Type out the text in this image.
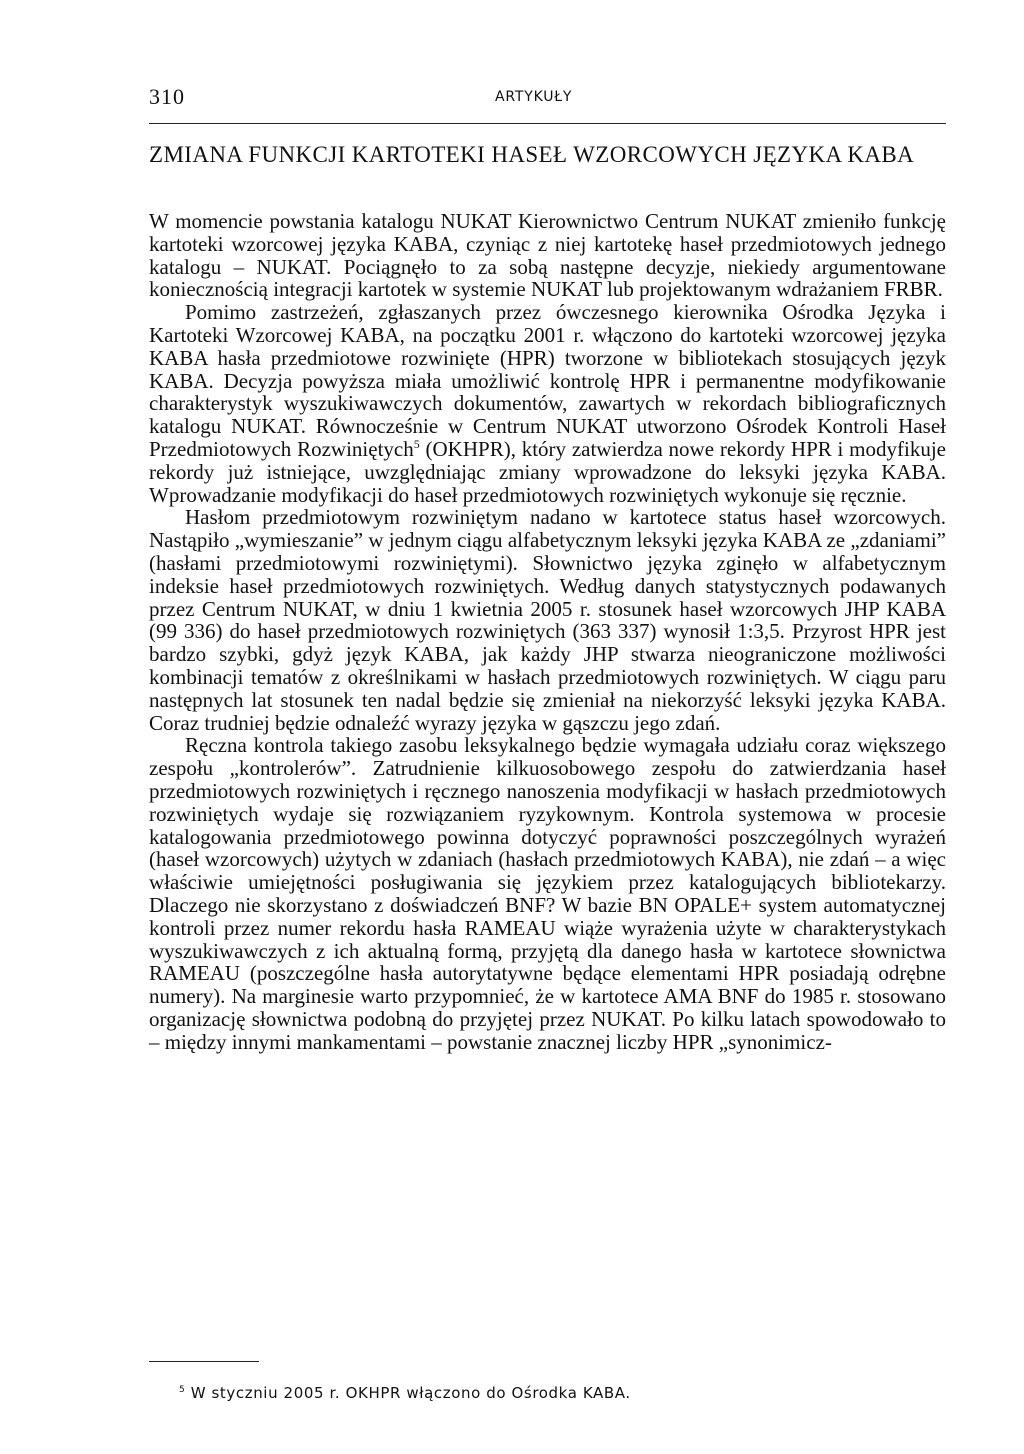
310	ARTYKUŁY
ZMIANA FUNKCJI KARTOTEKI HASEŁ WZORCOWYCH JĘZYKA KABA

W momencie powstania katalogu NUKAT Kierownictwo Centrum NUKAT zmieniło funkcję kartoteki wzorcowej języka KABA, czyniąc z niej kartotekę haseł przedmiotowych jednego katalogu – NUKAT. Pociągnęło to za sobą następne decyzje, niekiedy argumentowane koniecznością integracji kartotek w systemie NUKAT lub projektowanym wdrażaniem FRBR.

Pomimo zastrzeżeń, zgłaszanych przez ówczesnego kierownika Ośrodka Języka i Kartoteki Wzorcowej KABA, na początku 2001 r. włączono do kartoteki wzorcowej języka KABA hasła przedmiotowe rozwinięte (HPR) tworzone w bibliotekach stosujących język KABA. Decyzja powyższa miała umożliwić kontrolę HPR i permanentne modyfikowanie charakterystyk wyszukiwawczych dokumentów, zawartych w rekordach bibliograficznych katalogu NUKAT. Równocześnie w Centrum NUKAT utworzono Ośrodek Kontroli Haseł Przedmiotowych Rozwiniętych$^5$ (OKHPR), który zatwierdza nowe rekordy HPR i modyfikuje rekordy już istniejące, uwzględniając zmiany wprowadzone do leksyki języka KABA. Wprowadzanie modyfikacji do haseł przedmiotowych rozwiniętych wykonuje się ręcznie.

Hasłom przedmiotowym rozwiniętym nadano w kartotece status haseł wzorcowych. Nastąpiło „wymieszanie” w jednym ciągu alfabetycznym leksyki języka KABA ze „zdaniami” (hasłami przedmiotowymi rozwiniętymi). Słownictwo języka zginęło w alfabetycznym indeksie haseł przedmiotowych rozwiniętych. Według danych statystycznych podawanych przez Centrum NUKAT, w dniu 1 kwietnia 2005 r. stosunek haseł wzorcowych JHP KABA (99 336) do haseł przedmiotowych rozwiniętych (363 337) wynosił 1:3,5. Przyrost HPR jest bardzo szybki, gdyż język KABA, jak każdy JHP stwarza nieograniczone możliwości kombinacji tematów z określnikami w hasłach przedmiotowych rozwiniętych. W ciągu paru następnych lat stosunek ten nadal będzie się zmieniał na niekorzyść leksyki języka KABA. Coraz trudniej będzie odnaleźć wyrazy języka w gąszczu jego zdań.

Ręczna kontrola takiego zasobu leksykalnego będzie wymagała udziału coraz większego zespołu „kontrolerów”. Zatrudnienie kilkuosobowego zespołu do zatwierdzania haseł przedmiotowych rozwiniętych i ręcznego nanoszenia modyfikacji w hasłach przedmiotowych rozwiniętych wydaje się rozwiązaniem ryzykownym. Kontrola systemowa w procesie katalogowania przedmiotowego powinna dotyczyć poprawności poszczególnych wyrażeń (haseł wzorcowych) użytych w zdaniach (hasłach przedmiotowych KABA), nie zdań – a więc właściwie umiejętności posługiwania się językiem przez katalogujących bibliotekarzy. Dlaczego nie skorzystano z doświadczeń BNF? W bazie BN OPALE+ system automatycznej kontroli przez numer rekordu hasła RAMEAU wiąże wyrażenia użyte w charakterystykach wyszukiwawczych z ich aktualną formą, przyjętą dla danego hasła w kartotece słownictwa RAMEAU (poszczególne hasła autorytatywne będące elementami HPR posiadają odrębne numery). Na marginesie warto przypomnieć, że w kartotece AMA BNF do 1985 r. stosowano organizację słownictwa podobną do przyjętej przez NUKAT. Po kilku latach spowodowało to – między innymi mankamentami – powstanie znacznej liczby HPR „synonimicz-

$^5$ W styczniu 2005 r. OKHPR włączono do Ośrodka KABA.
